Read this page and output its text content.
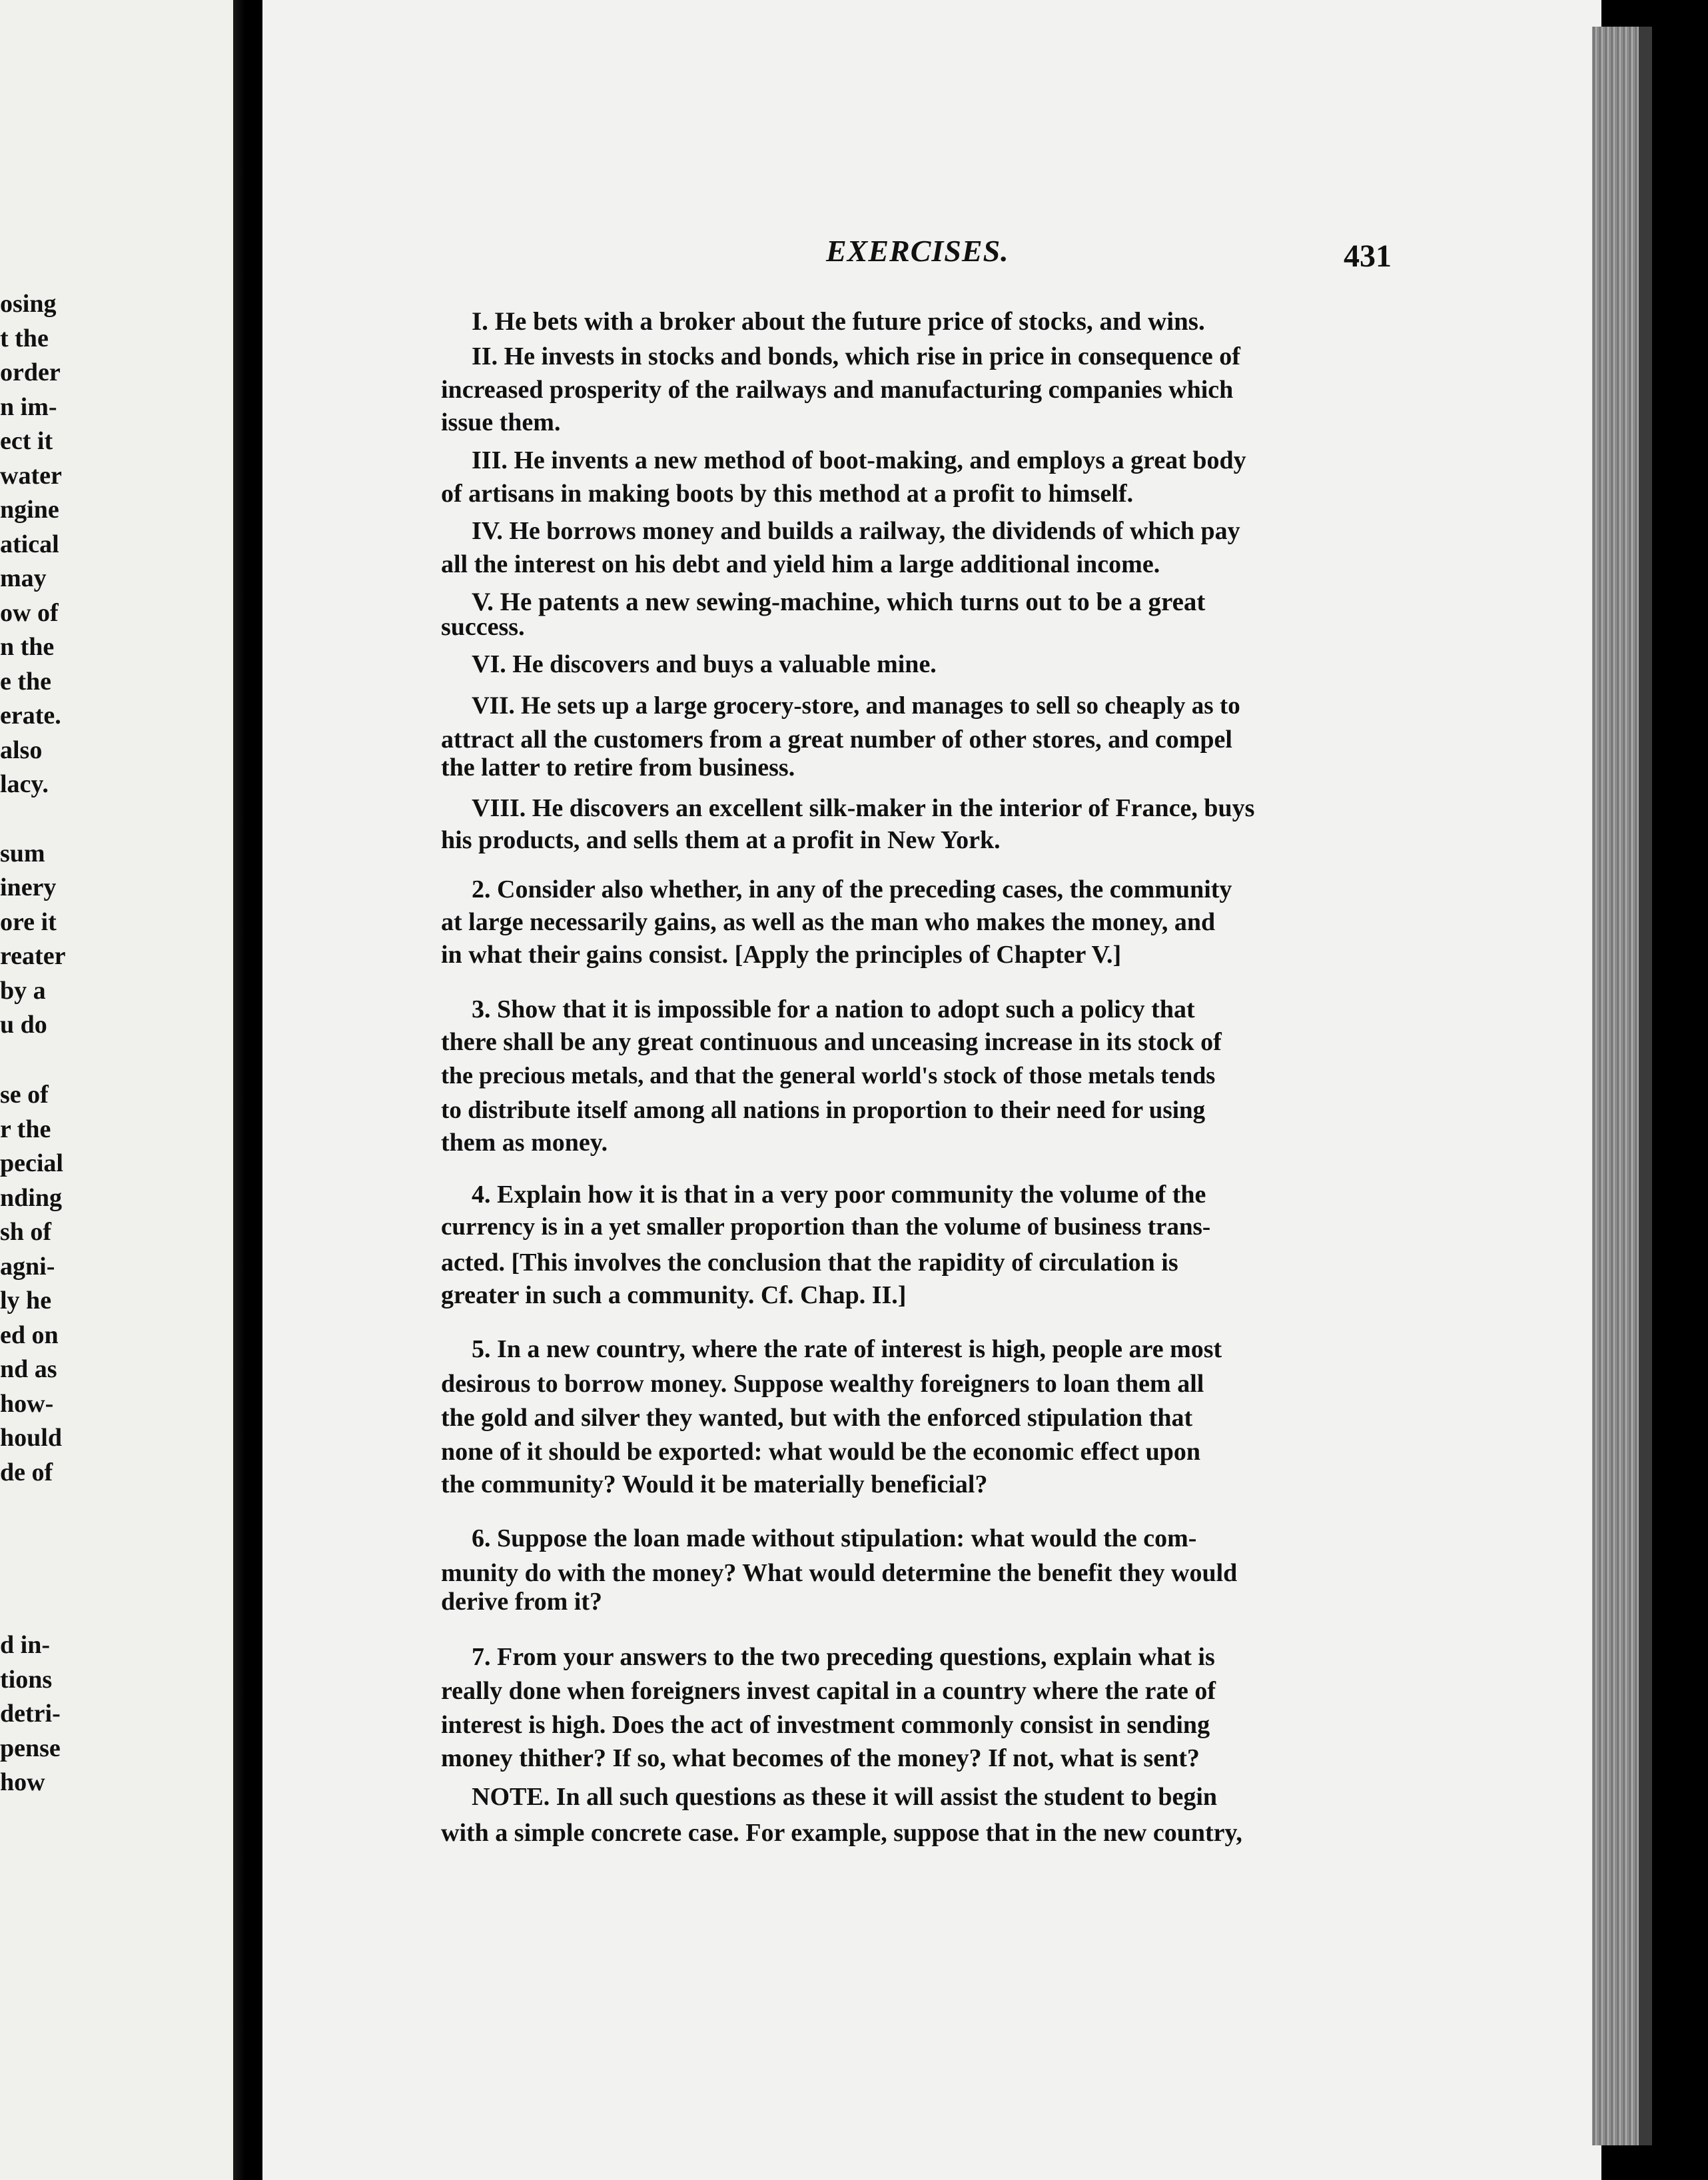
osing
t the
order
n im-
ect it
water
ngine
atical
may
ow of
n the
e the
erate.
also
lacy.
sum
inery
ore it
reater
by a
u do
se of
r the
pecial
nding
sh of
agni-
ly he
ed on
nd as
how-
hould
de of
d in-
tions
detri-
pense
how
EXERCISES.	431
I. He bets with a broker about the future price of stocks, and wins.
II. He invests in stocks and bonds, which rise in price in consequence of
increased prosperity of the railways and manufacturing companies which
issue them.
III. He invents a new method of boot-making, and employs a great body
of artisans in making boots by this method at a profit to himself.
IV. He borrows money and builds a railway, the dividends of which pay
all the interest on his debt and yield him a large additional income.
V. He patents a new sewing-machine, which turns out to be a great
success.
VI. He discovers and buys a valuable mine.
VII. He sets up a large grocery-store, and manages to sell so cheaply as to
attract all the customers from a great number of other stores, and compel
the latter to retire from business.
VIII. He discovers an excellent silk-maker in the interior of France, buys
his products, and sells them at a profit in New York.
2. Consider also whether, in any of the preceding cases, the community
at large necessarily gains, as well as the man who makes the money, and
in what their gains consist. [Apply the principles of Chapter V.]
3. Show that it is impossible for a nation to adopt such a policy that
there shall be any great continuous and unceasing increase in its stock of
the precious metals, and that the general world's stock of those metals tends
to distribute itself among all nations in proportion to their need for using
them as money.
4. Explain how it is that in a very poor community the volume of the
currency is in a yet smaller proportion than the volume of business trans-
acted. [This involves the conclusion that the rapidity of circulation is
greater in such a community. Cf. Chap. II.]
5. In a new country, where the rate of interest is high, people are most
desirous to borrow money. Suppose wealthy foreigners to loan them all
the gold and silver they wanted, but with the enforced stipulation that
none of it should be exported: what would be the economic effect upon
the community? Would it be materially beneficial?
6. Suppose the loan made without stipulation: what would the com-
munity do with the money? What would determine the benefit they would
derive from it?
7. From your answers to the two preceding questions, explain what is
really done when foreigners invest capital in a country where the rate of
interest is high. Does the act of investment commonly consist in sending
money thither? If so, what becomes of the money? If not, what is sent?
NOTE. In all such questions as these it will assist the student to begin
with a simple concrete case. For example, suppose that in the new country,
